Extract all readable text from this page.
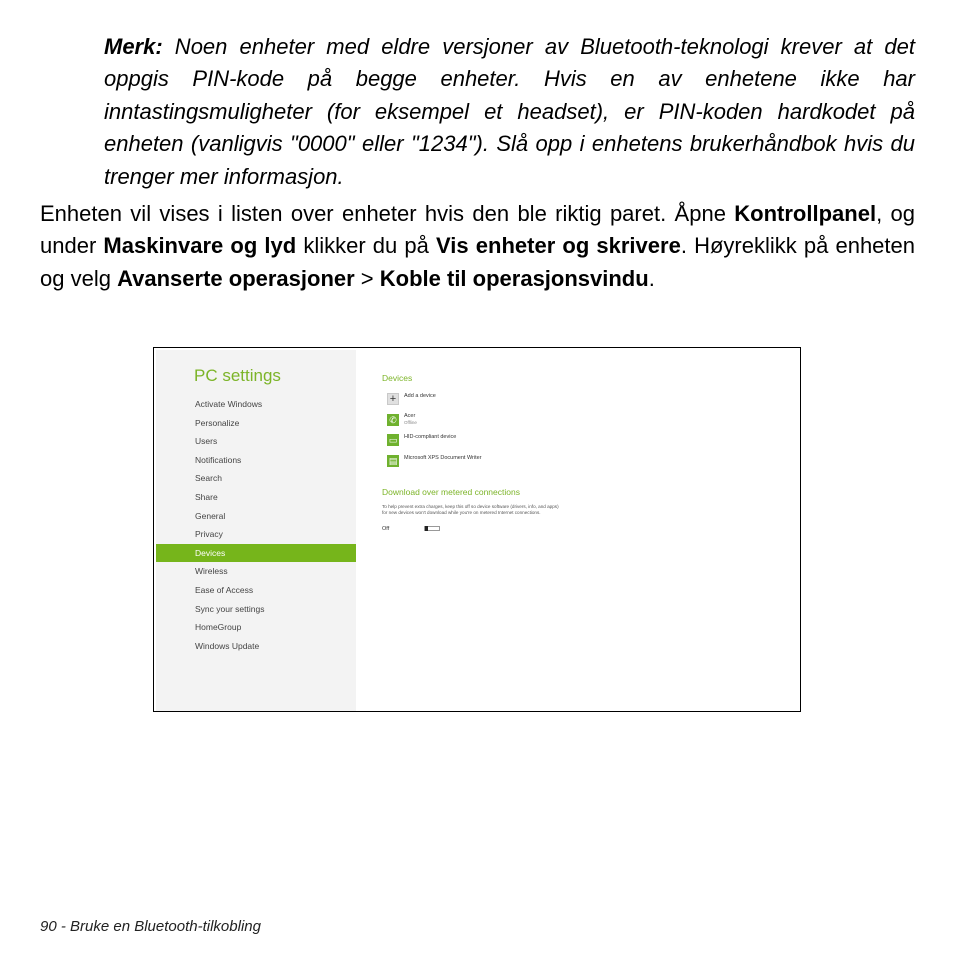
Merk: Noen enheter med eldre versjoner av Bluetooth-teknologi krever at det oppgis PIN-kode på begge enheter. Hvis en av enhetene ikke har inntastingsmuligheter (for eksempel et headset), er PIN-koden hardkodet på enheten (vanligvis "0000" eller "1234"). Slå opp i enhetens brukerhåndbok hvis du trenger mer informasjon.
Enheten vil vises i listen over enheter hvis den ble riktig paret. Åpne Kontrollpanel, og under Maskinvare og lyd klikker du på Vis enheter og skrivere. Høyreklikk på enheten og velg Avanserte operasjoner > Koble til operasjonsvindu.
PC settings
Activate Windows
Personalize
Users
Notifications
Search
Share
General
Privacy
Devices
Wireless
Ease of Access
Sync your settings
HomeGroup
Windows Update
Devices
+	Add a device
✆	Acer
Offline
▭	HID-compliant device
▤	Microsoft XPS Document Writer
Download over metered connections
To help prevent extra charges, keep this off so device software (drivers, info, and apps) for new devices won't download while you're on metered Internet connections.
Off
90 - Bruke en Bluetooth-tilkobling
